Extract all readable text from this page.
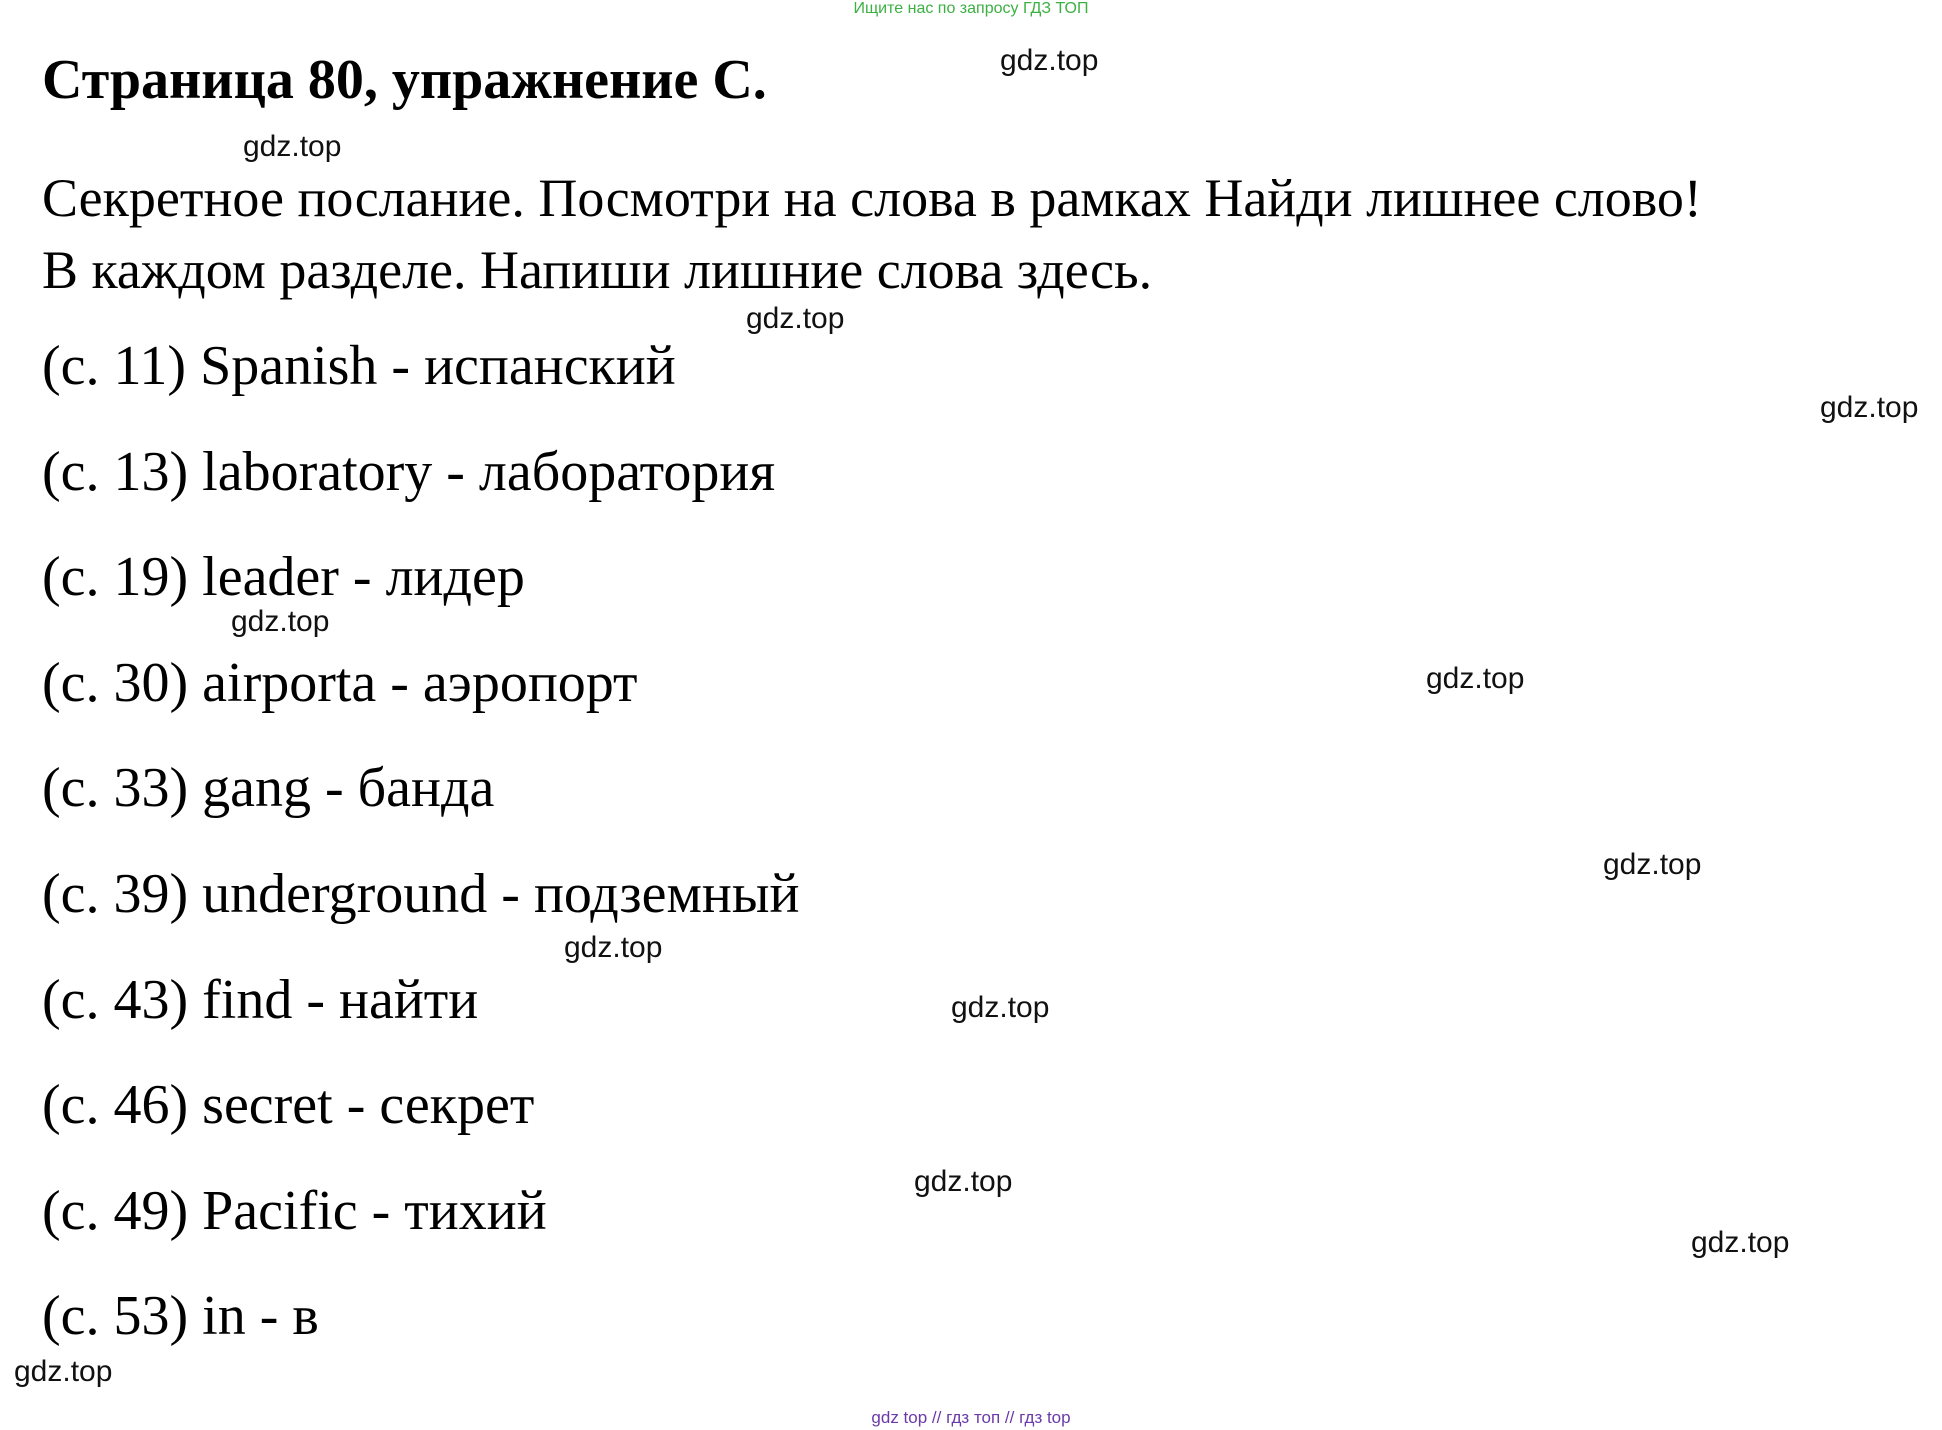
Ищите нас по запросу ГДЗ ТОП
Страница 80, упражнение С.
Секретное послание. Посмотри на слова в рамках Найди лишнее слово!
В каждом разделе. Напиши лишние слова здесь.
(с. 11) Spanish - испанский
(с. 13) laboratory - лаборатория
(с. 19) leader - лидер
(с. 30) airporta - аэропорт
(с. 33) gang - банда
(с. 39) underground - подземный
(с. 43) find - найти
(с. 46) secret - секрет
(с. 49) Pacific - тихий
(с. 53) in - в
gdz.top
gdz.top
gdz.top
gdz.top
gdz.top
gdz.top
gdz.top
gdz.top
gdz.top
gdz.top
gdz.top
gdz.top
gdz top // гдз топ // гдз top
